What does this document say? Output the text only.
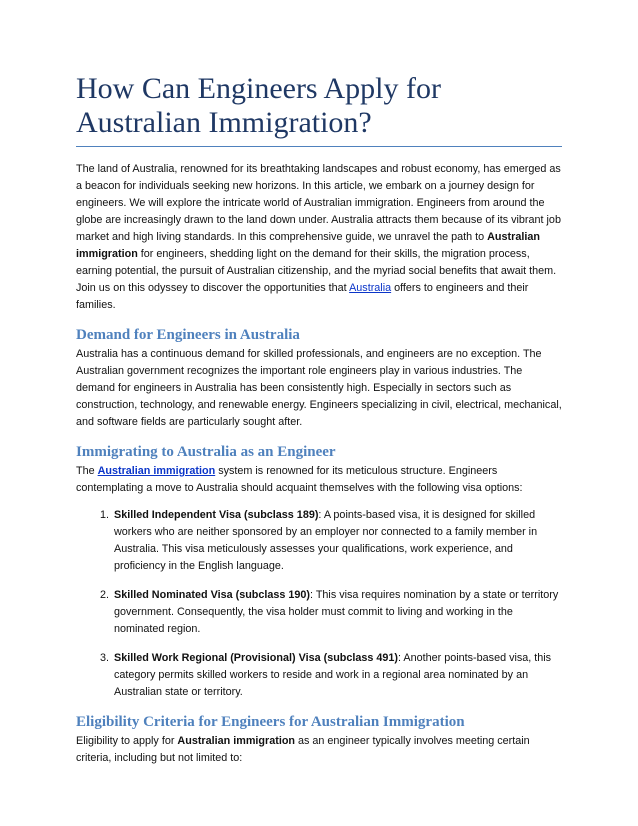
How Can Engineers Apply for Australian Immigration?

The land of Australia, renowned for its breathtaking landscapes and robust economy, has emerged as a beacon for individuals seeking new horizons. In this article, we embark on a journey design for engineers. We will explore the intricate world of Australian immigration. Engineers from around the globe are increasingly drawn to the land down under. Australia attracts them because of its vibrant job market and high living standards. In this comprehensive guide, we unravel the path to Australian immigration for engineers, shedding light on the demand for their skills, the migration process, earning potential, the pursuit of Australian citizenship, and the myriad social benefits that await them. Join us on this odyssey to discover the opportunities that Australia offers to engineers and their families.

Demand for Engineers in Australia

Australia has a continuous demand for skilled professionals, and engineers are no exception. The Australian government recognizes the important role engineers play in various industries. The demand for engineers in Australia has been consistently high. Especially in sectors such as construction, technology, and renewable energy. Engineers specializing in civil, electrical, mechanical, and software fields are particularly sought after.

Immigrating to Australia as an Engineer

The Australian immigration system is renowned for its meticulous structure. Engineers contemplating a move to Australia should acquaint themselves with the following visa options:

1. Skilled Independent Visa (subclass 189): A points-based visa, it is designed for skilled workers who are neither sponsored by an employer nor connected to a family member in Australia. This visa meticulously assesses your qualifications, work experience, and proficiency in the English language.
2. Skilled Nominated Visa (subclass 190): This visa requires nomination by a state or territory government. Consequently, the visa holder must commit to living and working in the nominated region.
3. Skilled Work Regional (Provisional) Visa (subclass 491): Another points-based visa, this category permits skilled workers to reside and work in a regional area nominated by an Australian state or territory.
Eligibility Criteria for Engineers for Australian Immigration

Eligibility to apply for Australian immigration as an engineer typically involves meeting certain criteria, including but not limited to:
